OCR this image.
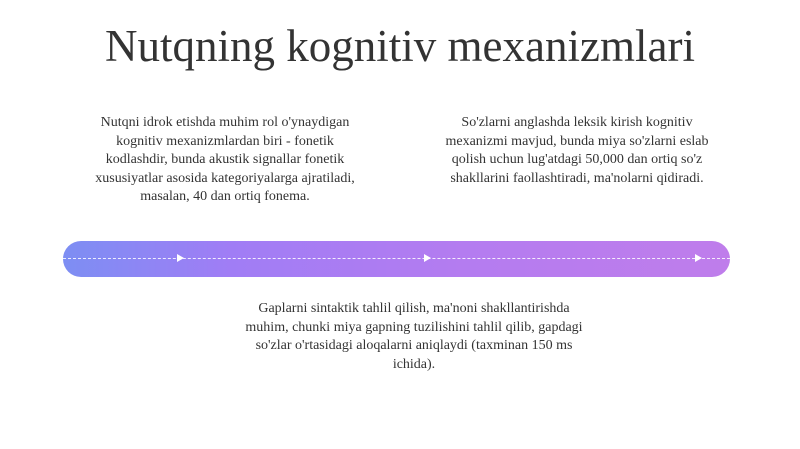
Nutqning kognitiv mexanizmlari

Nutqni idrok etishda muhim rol o'ynaydigan kognitiv mexanizmlardan biri - fonetik kodlashdir, bunda akustik signallar fonetik xususiyatlar asosida kategoriyalarga ajratiladi, masalan, 40 dan ortiq fonema.

So'zlarni anglashda leksik kirish kognitiv mexanizmi mavjud, bunda miya so'zlarni eslab qolish uchun lug'atdagi 50,000 dan ortiq so'z shakllarini faollashtiradi, ma'nolarni qidiradi.

Gaplarni sintaktik tahlil qilish, ma'noni shakllantirishda muhim, chunki miya gapning tuzilishini tahlil qilib, gapdagi so'zlar o'rtasidagi aloqalarni aniqlaydi (taxminan 150 ms ichida).
